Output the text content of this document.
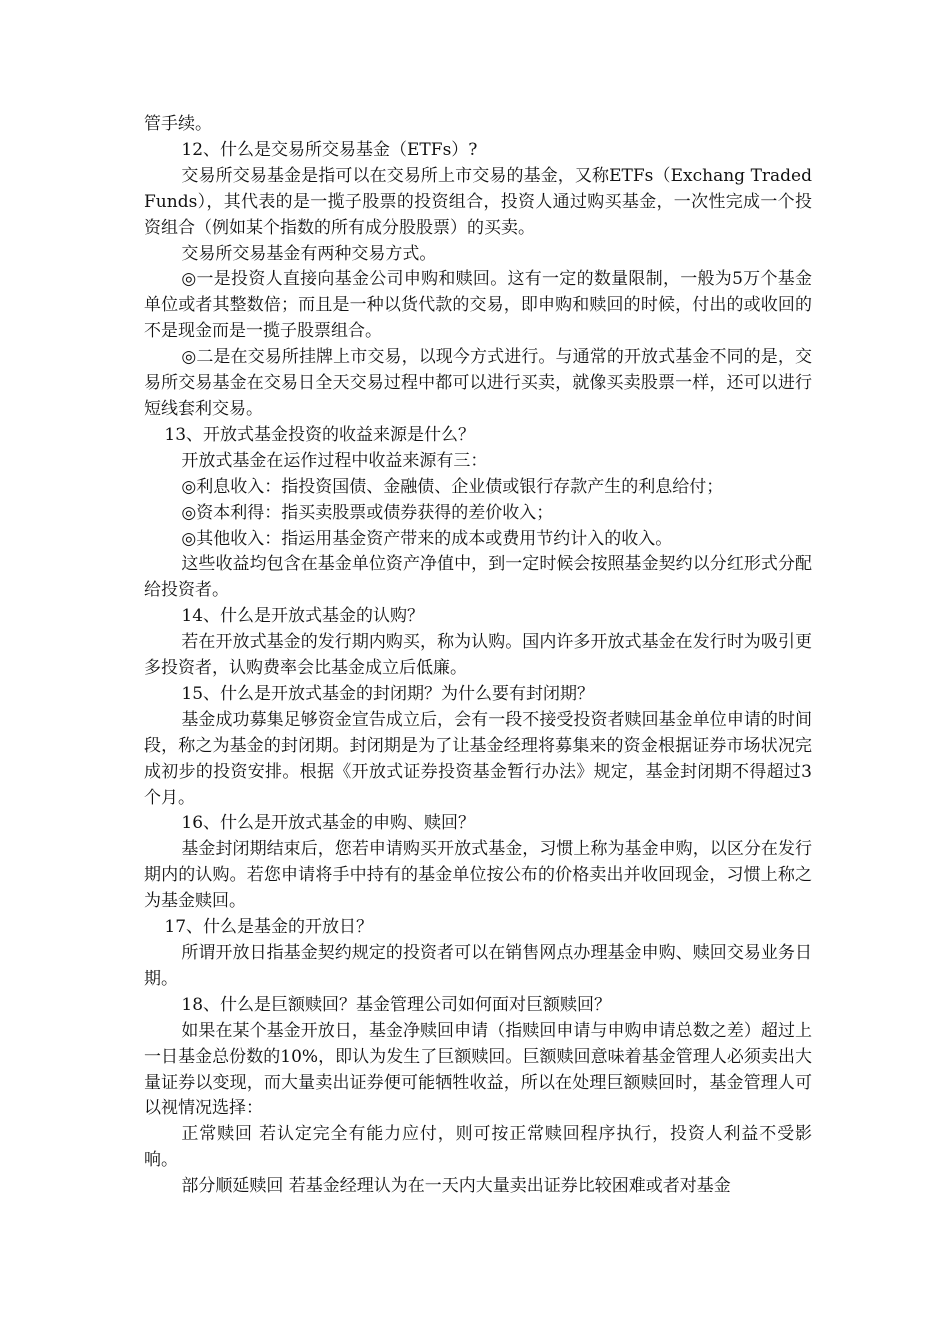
管手续。

12、什么是交易所交易基金（ETFs）?

交易所交易基金是指可以在交易所上市交易的基金，又称ETFs（Exchang Traded Funds），其代表的是一揽子股票的投资组合，投资人通过购买基金，一次性完成一个投资组合（例如某个指数的所有成分股股票）的买卖。

交易所交易基金有两种交易方式。

◎一是投资人直接向基金公司申购和赎回。这有一定的数量限制，一般为5万个基金单位或者其整数倍；而且是一种以货代款的交易，即申购和赎回的时候，付出的或收回的不是现金而是一揽子股票组合。

◎二是在交易所挂牌上市交易，以现今方式进行。与通常的开放式基金不同的是，交易所交易基金在交易日全天交易过程中都可以进行买卖，就像买卖股票一样，还可以进行短线套利交易。

13、开放式基金投资的收益来源是什么？

开放式基金在运作过程中收益来源有三：

◎利息收入：指投资国债、金融债、企业债或银行存款产生的利息给付；

◎资本利得：指买卖股票或债券获得的差价收入；

◎其他收入：指运用基金资产带来的成本或费用节约计入的收入。

这些收益均包含在基金单位资产净值中，到一定时候会按照基金契约以分红形式分配给投资者。

14、什么是开放式基金的认购？

若在开放式基金的发行期内购买，称为认购。国内许多开放式基金在发行时为吸引更多投资者，认购费率会比基金成立后低廉。

15、什么是开放式基金的封闭期？为什么要有封闭期？

基金成功募集足够资金宣告成立后，会有一段不接受投资者赎回基金单位申请的时间段，称之为基金的封闭期。封闭期是为了让基金经理将募集来的资金根据证券市场状况完成初步的投资安排。根据《开放式证券投资基金暂行办法》规定，基金封闭期不得超过3个月。

16、什么是开放式基金的申购、赎回？

基金封闭期结束后，您若申请购买开放式基金，习惯上称为基金申购，以区分在发行期内的认购。若您申请将手中持有的基金单位按公布的价格卖出并收回现金，习惯上称之为基金赎回。

17、什么是基金的开放日？

所谓开放日指基金契约规定的投资者可以在销售网点办理基金申购、赎回交易业务日期。

18、什么是巨额赎回？基金管理公司如何面对巨额赎回？

如果在某个基金开放日，基金净赎回申请（指赎回申请与申购申请总数之差）超过上一日基金总份数的10%，即认为发生了巨额赎回。巨额赎回意味着基金管理人必须卖出大量证券以变现，而大量卖出证券便可能牺牲收益，所以在处理巨额赎回时，基金管理人可以视情况选择：

正常赎回 若认定完全有能力应付，则可按正常赎回程序执行，投资人利益不受影响。

部分顺延赎回 若基金经理认为在一天内大量卖出证券比较困难或者对基金
